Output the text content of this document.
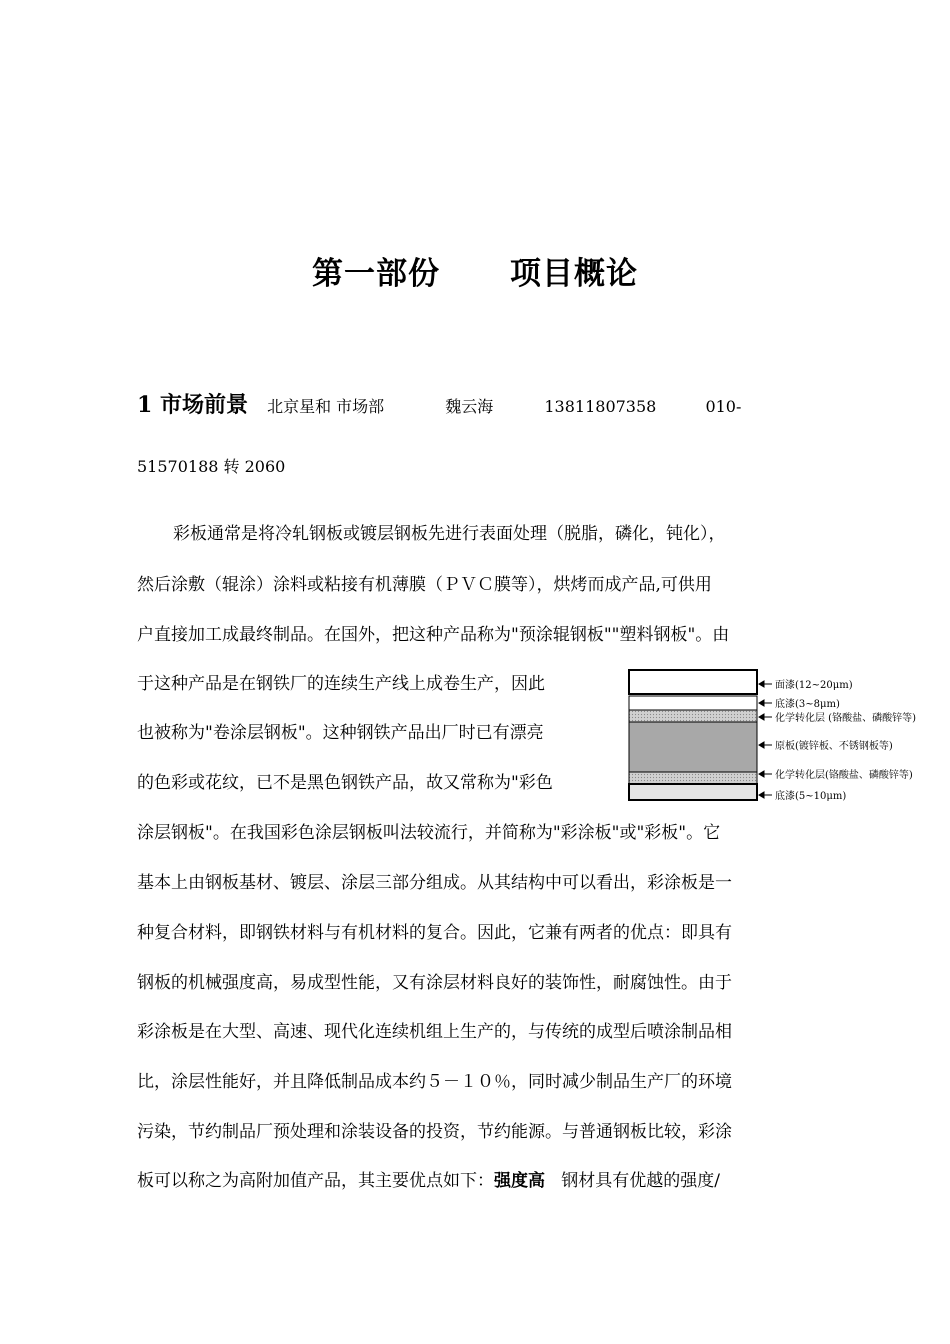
第一部份 项目概论
1 市场前景 北京星和 市场部	魏云海	13811807358	010-
51570188 转 2060
彩板通常是将冷轧钢板或镀层钢板先进行表面处理（脱脂，磷化，钝化），
然后涂敷（辊涂）涂料或粘接有机薄膜（ＰＶＣ膜等），烘烤而成产品,可供用
户直接加工成最终制品。在国外，把这种产品称为"预涂辊钢板""塑料钢板"。由
于这种产品是在钢铁厂的连续生产线上成卷生产，因此
也被称为"卷涂层钢板"。这种钢铁产品出厂时已有漂亮
的色彩或花纹，已不是黑色钢铁产品，故又常称为"彩色
涂层钢板"。在我国彩色涂层钢板叫法较流行，并简称为"彩涂板"或"彩板"。它
基本上由钢板基材、镀层、涂层三部分组成。从其结构中可以看出，彩涂板是一
种复合材料，即钢铁材料与有机材料的复合。因此，它兼有两者的优点：即具有
钢板的机械强度高，易成型性能，又有涂层材料良好的装饰性，耐腐蚀性。由于
彩涂板是在大型、高速、现代化连续机组上生产的，与传统的成型后喷涂制品相
比，涂层性能好，并且降低制品成本约５－１０％，同时减少制品生产厂的环境
污染，节约制品厂预处理和涂装设备的投资，节约能源。与普通钢板比较，彩涂
板可以称之为高附加值产品，其主要优点如下：强度高 钢材具有优越的强度/
面漆(12~20μm)
底漆(3~8μm)
化学转化层 (铬酸盐、磷酸锌等)
原板(镀锌板、不锈钢板等)
化学转化层(铬酸盐、磷酸锌等)
底漆(5~10μm)
